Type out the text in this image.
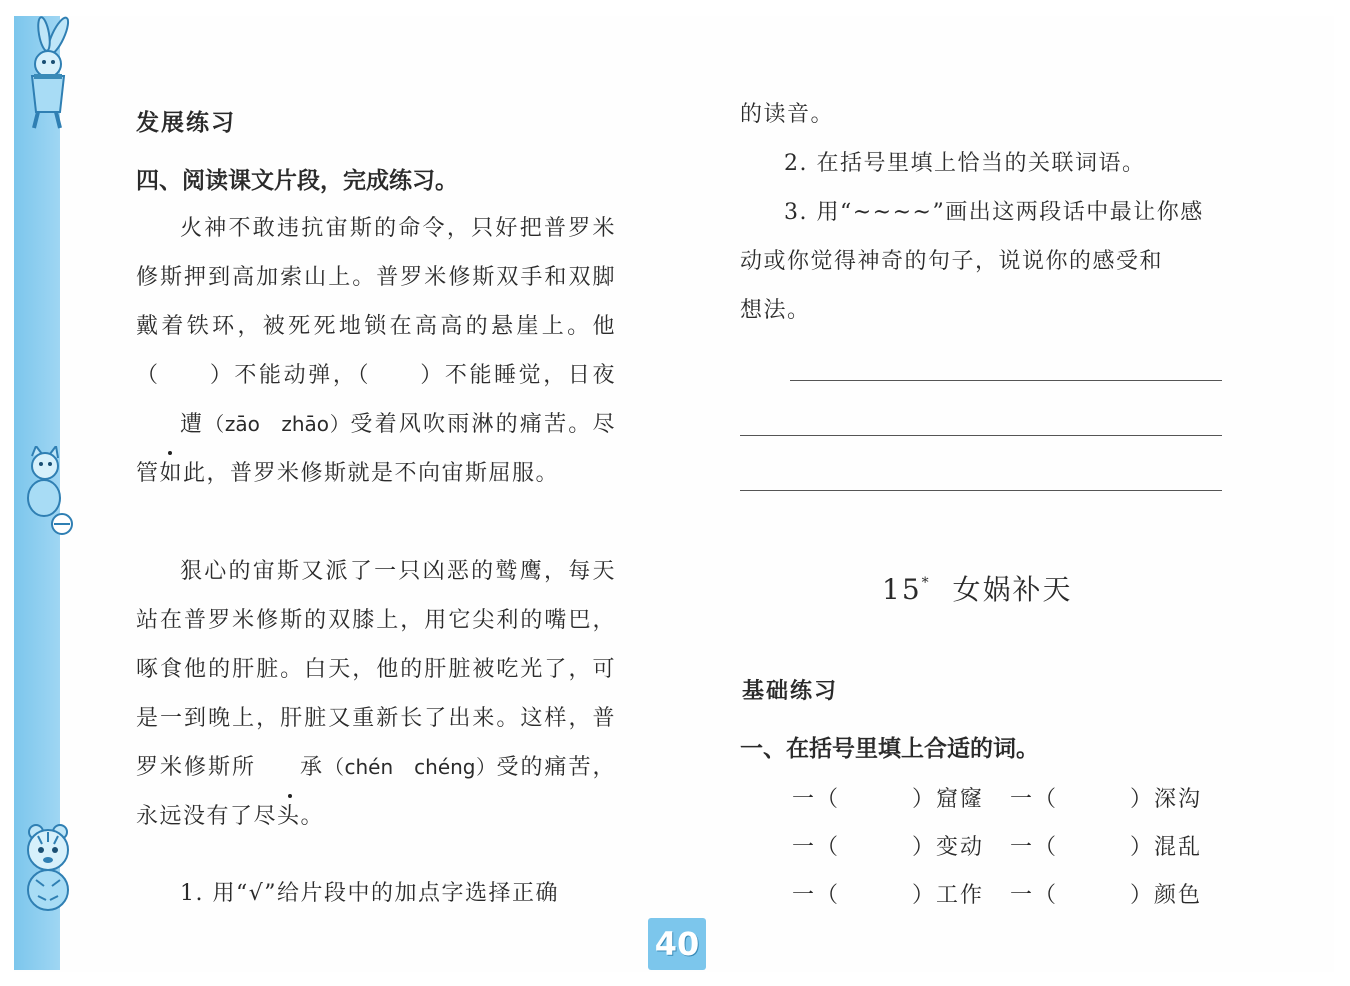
发展练习
四、阅读课文片段，完成练习。
火神不敢违抗宙斯的命令，只好把普罗米修斯押到高加索山上。普罗米修斯双手和双脚戴着铁环，被死死地锁在高高的悬崖上。他（　　）不能动弹，（　　）不能睡觉，日夜遭（zāo　zhāo）受着风吹雨淋的痛苦。尽管如此，普罗米修斯就是不向宙斯屈服。
狠心的宙斯又派了一只凶恶的鹫鹰，每天站在普罗米修斯的双膝上，用它尖利的嘴巴，啄食他的肝脏。白天，他的肝脏被吃光了，可是一到晚上，肝脏又重新长了出来。这样，普罗米修斯所 承（chén　chéng）受的痛苦，永远没有了尽头。
1. 用“√”给片段中的加点字选择正确
的读音。
2. 在括号里填上恰当的关联词语。
3. 用“~~~~”画出这两段话中最让你感
动或你觉得神奇的句子，说说你的感受和
想法。
15* 女娲补天
基础练习
一、在括号里填上合适的词。
一（　　　）窟窿 一（　　　）深沟
一（　　　）变动 一（　　　）混乱
一（　　　）工作 一（　　　）颜色
40
